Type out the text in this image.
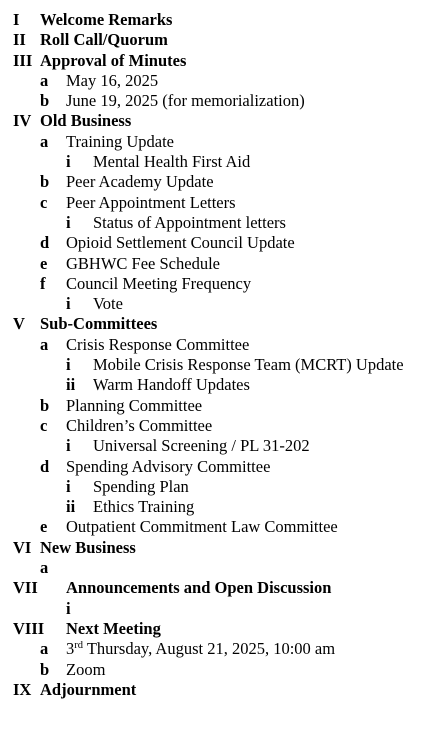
I Welcome Remarks
II Roll Call/Quorum
III Approval of Minutes
a May 16, 2025
b June 19, 2025 (for memorialization)
IV Old Business
a Training Update
i Mental Health First Aid
b Peer Academy Update
c Peer Appointment Letters
i Status of Appointment letters
d Opioid Settlement Council Update
e GBHWC Fee Schedule
f Council Meeting Frequency
i Vote
V Sub-Committees
a Crisis Response Committee
i Mobile Crisis Response Team (MCRT) Update
ii Warm Handoff Updates
b Planning Committee
c Children’s Committee
i Universal Screening / PL 31-202
d Spending Advisory Committee
i Spending Plan
ii Ethics Training
e Outpatient Commitment Law Committee
VI New Business
a
VII Announcements and Open Discussion
i
VIII Next Meeting
a 3rd Thursday, August 21, 2025, 10:00 am
b Zoom
IX Adjournment
